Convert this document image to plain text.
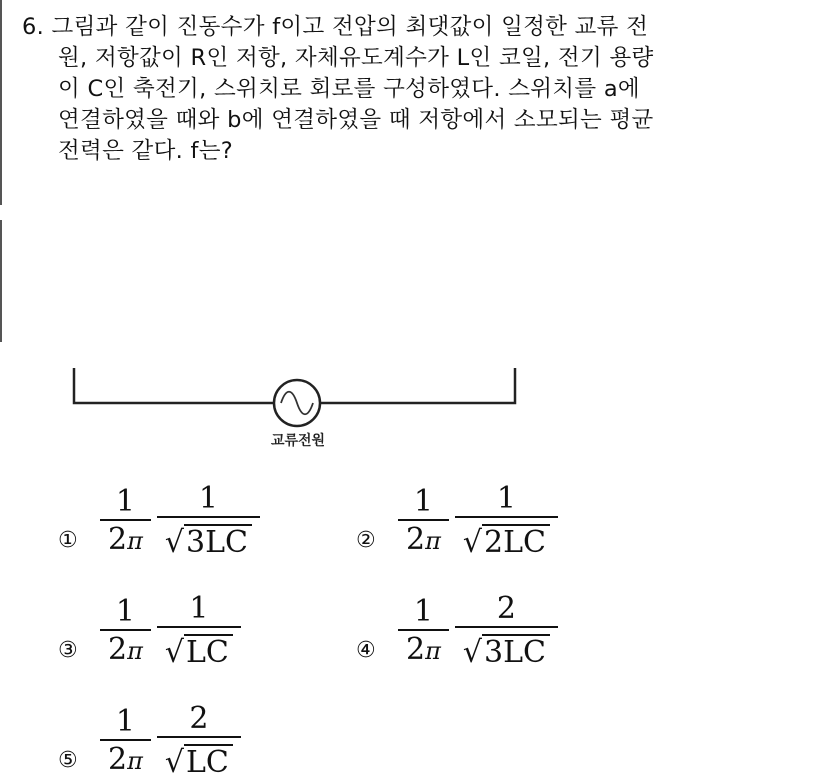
6. 그림과 같이 진동수가 f이고 전압의 최댓값이 일정한 교류 전
원, 저항값이 R인 저항, 자체유도계수가 L인 코일, 전기 용량
이 C인 축전기, 스위치로 회로를 구성하였다. 스위치를 a에
연결하였을 때와 b에 연결하였을 때 저항에서 소모되는 평균
전력은 같다. f는?
교류전원
① $\frac{1}{2\pi} \frac{1}{√ 3LC}$	② $\frac{1}{2\pi} \frac{1}{√ 2LC}$
③ $\frac{1}{2\pi} \frac{1}{√ LC}$	④ $\frac{1}{2\pi} \frac{2}{√ 3LC}$
⑤ $\frac{1}{2\pi} \frac{2}{√ LC}$
